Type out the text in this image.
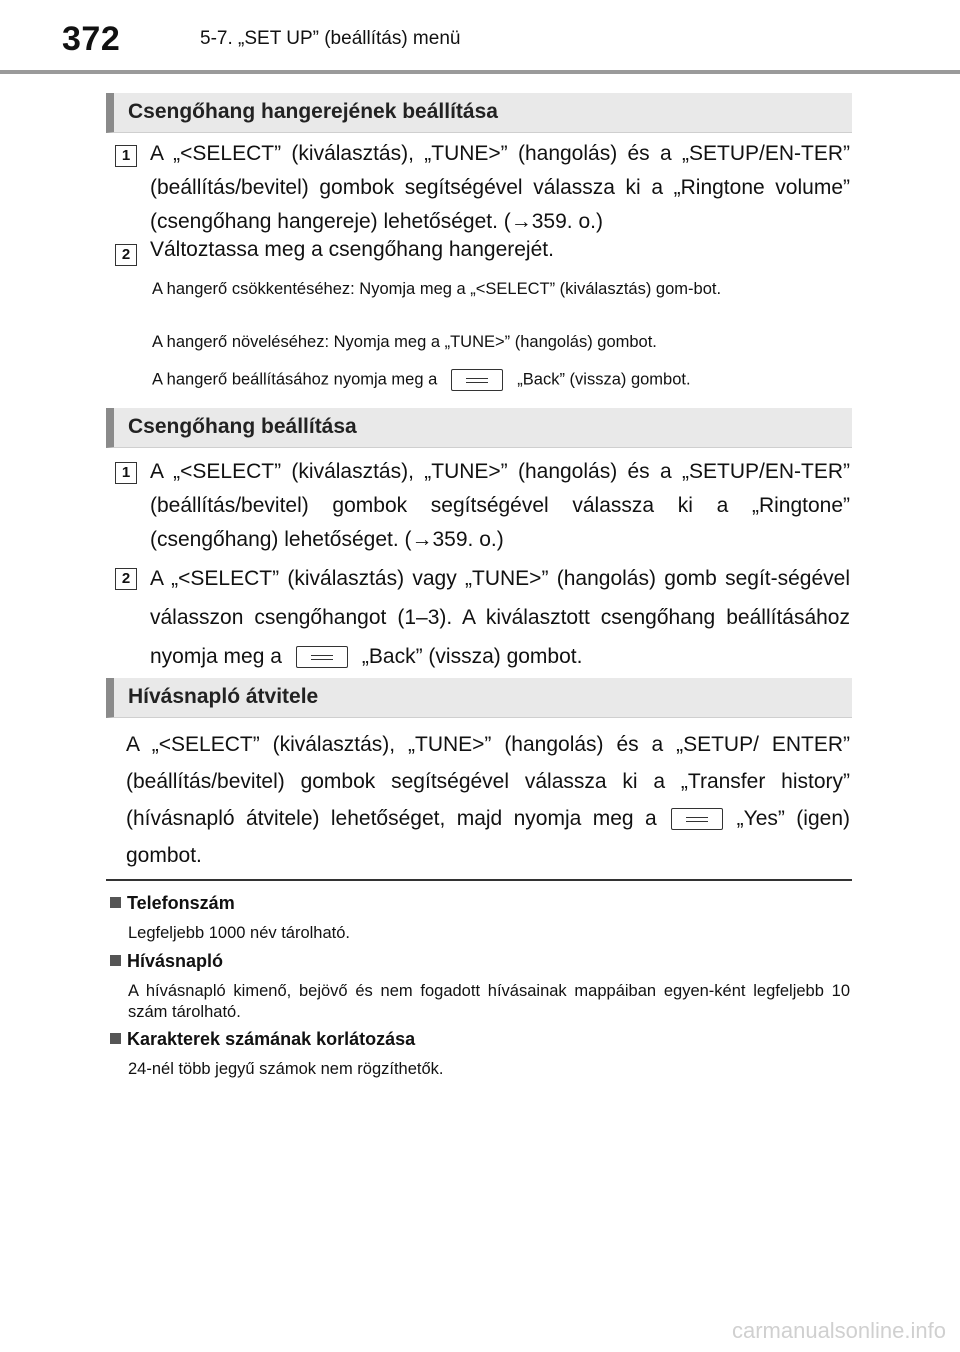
372	5-7. „SET UP” (beállítás) menü
Csengőhang hangerejének beállítása
1 A „<SELECT” (kiválasztás), „TUNE>” (hangolás) és a „SETUP/EN-TER” (beállítás/bevitel) gombok segítségével válassza ki a „Ringtone volume” (csengőhang hangereje) lehetőséget. (→359. o.)
2 Változtassa meg a csengőhang hangerejét.
A hangerő csökkentéséhez: Nyomja meg a „<SELECT” (kiválasztás) gom-bot.
A hangerő növeléséhez: Nyomja meg a „TUNE>” (hangolás) gombot.
A hangerő beállításához nyomja meg a	„Back” (vissza) gombot.
Csengőhang beállítása
1 A „<SELECT” (kiválasztás), „TUNE>” (hangolás) és a „SETUP/EN-TER” (beállítás/bevitel) gombok segítségével válassza ki a „Ringtone” (csengőhang) lehetőséget. (→359. o.)
2 A „<SELECT” (kiválasztás) vagy „TUNE>” (hangolás) gomb segít-ségével válasszon csengőhangot (1–3). A kiválasztott csengőhang beállításához nyomja meg a	„Back” (vissza) gombot.
Hívásnapló átvitele
A „<SELECT” (kiválasztás), „TUNE>” (hangolás) és a „SETUP/ ENTER” (beállítás/bevitel) gombok segítségével válassza ki a „Transfer history” (hívásnapló átvitele) lehetőséget, majd nyomja meg a	„Yes” (igen) gombot.
Telefonszám
Legfeljebb 1000 név tárolható.
Hívásnapló
A hívásnapló kimenő, bejövő és nem fogadott hívásainak mappáiban egyen-ként legfeljebb 10 szám tárolható.
Karakterek számának korlátozása
24-nél több jegyű számok nem rögzíthetők.
carmanualsonline.info
